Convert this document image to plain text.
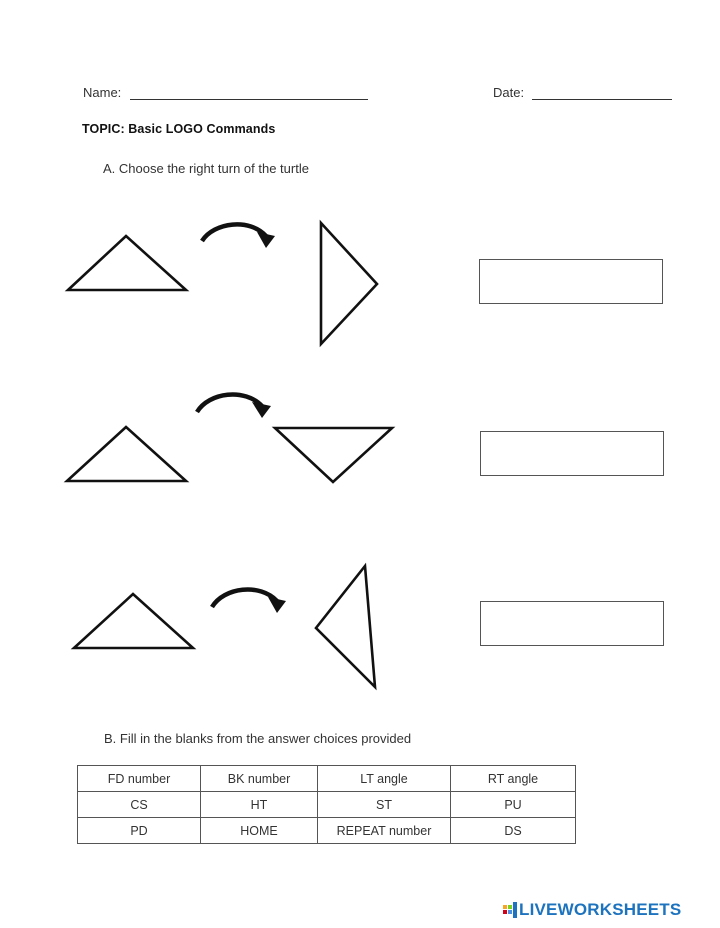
Name:	Date:
TOPIC: Basic LOGO Commands
A. Choose the right turn of the turtle
B. Fill in the blanks from the answer choices provided
FD number	BK number	LT angle	RT angle
CS	HT	ST	PU
PD	HOME	REPEAT number	DS
LIVEWORKSHEETS
